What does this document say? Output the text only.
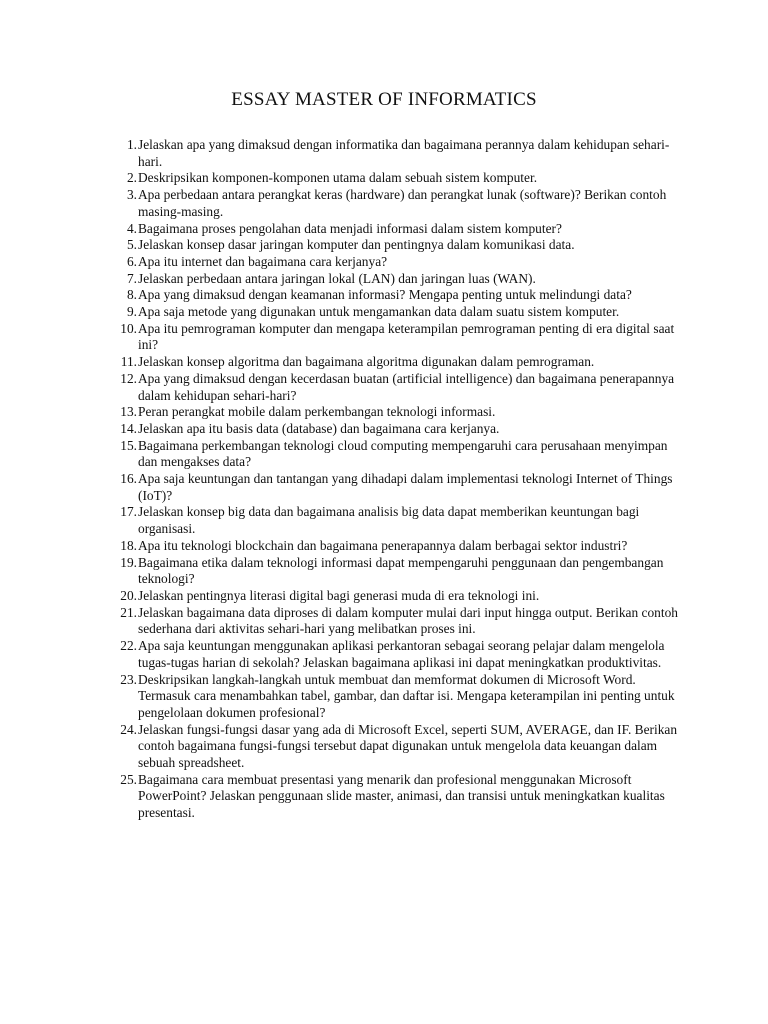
ESSAY MASTER OF INFORMATICS
1. Jelaskan apa yang dimaksud dengan informatika dan bagaimana perannya dalam kehidupan sehari-hari.
2. Deskripsikan komponen-komponen utama dalam sebuah sistem komputer.
3. Apa perbedaan antara perangkat keras (hardware) dan perangkat lunak (software)? Berikan contoh masing-masing.
4. Bagaimana proses pengolahan data menjadi informasi dalam sistem komputer?
5. Jelaskan konsep dasar jaringan komputer dan pentingnya dalam komunikasi data.
6. Apa itu internet dan bagaimana cara kerjanya?
7. Jelaskan perbedaan antara jaringan lokal (LAN) dan jaringan luas (WAN).
8. Apa yang dimaksud dengan keamanan informasi? Mengapa penting untuk melindungi data?
9. Apa saja metode yang digunakan untuk mengamankan data dalam suatu sistem komputer.
10. Apa itu pemrograman komputer dan mengapa keterampilan pemrograman penting di era digital saat ini?
11. Jelaskan konsep algoritma dan bagaimana algoritma digunakan dalam pemrograman.
12. Apa yang dimaksud dengan kecerdasan buatan (artificial intelligence) dan bagaimana penerapannya dalam kehidupan sehari-hari?
13. Peran perangkat mobile dalam perkembangan teknologi informasi.
14. Jelaskan apa itu basis data (database) dan bagaimana cara kerjanya.
15. Bagaimana perkembangan teknologi cloud computing mempengaruhi cara perusahaan menyimpan dan mengakses data?
16. Apa saja keuntungan dan tantangan yang dihadapi dalam implementasi teknologi Internet of Things (IoT)?
17. Jelaskan konsep big data dan bagaimana analisis big data dapat memberikan keuntungan bagi organisasi.
18. Apa itu teknologi blockchain dan bagaimana penerapannya dalam berbagai sektor industri?
19. Bagaimana etika dalam teknologi informasi dapat mempengaruhi penggunaan dan pengembangan teknologi?
20. Jelaskan pentingnya literasi digital bagi generasi muda di era teknologi ini.
21. Jelaskan bagaimana data diproses di dalam komputer mulai dari input hingga output. Berikan contoh sederhana dari aktivitas sehari-hari yang melibatkan proses ini.
22. Apa saja keuntungan menggunakan aplikasi perkantoran sebagai seorang pelajar dalam mengelola tugas-tugas harian di sekolah? Jelaskan bagaimana aplikasi ini dapat meningkatkan produktivitas.
23. Deskripsikan langkah-langkah untuk membuat dan memformat dokumen di Microsoft Word. Termasuk cara menambahkan tabel, gambar, dan daftar isi. Mengapa keterampilan ini penting untuk pengelolaan dokumen profesional?
24. Jelaskan fungsi-fungsi dasar yang ada di Microsoft Excel, seperti SUM, AVERAGE, dan IF. Berikan contoh bagaimana fungsi-fungsi tersebut dapat digunakan untuk mengelola data keuangan dalam sebuah spreadsheet.
25. Bagaimana cara membuat presentasi yang menarik dan profesional menggunakan Microsoft PowerPoint? Jelaskan penggunaan slide master, animasi, dan transisi untuk meningkatkan kualitas presentasi.
